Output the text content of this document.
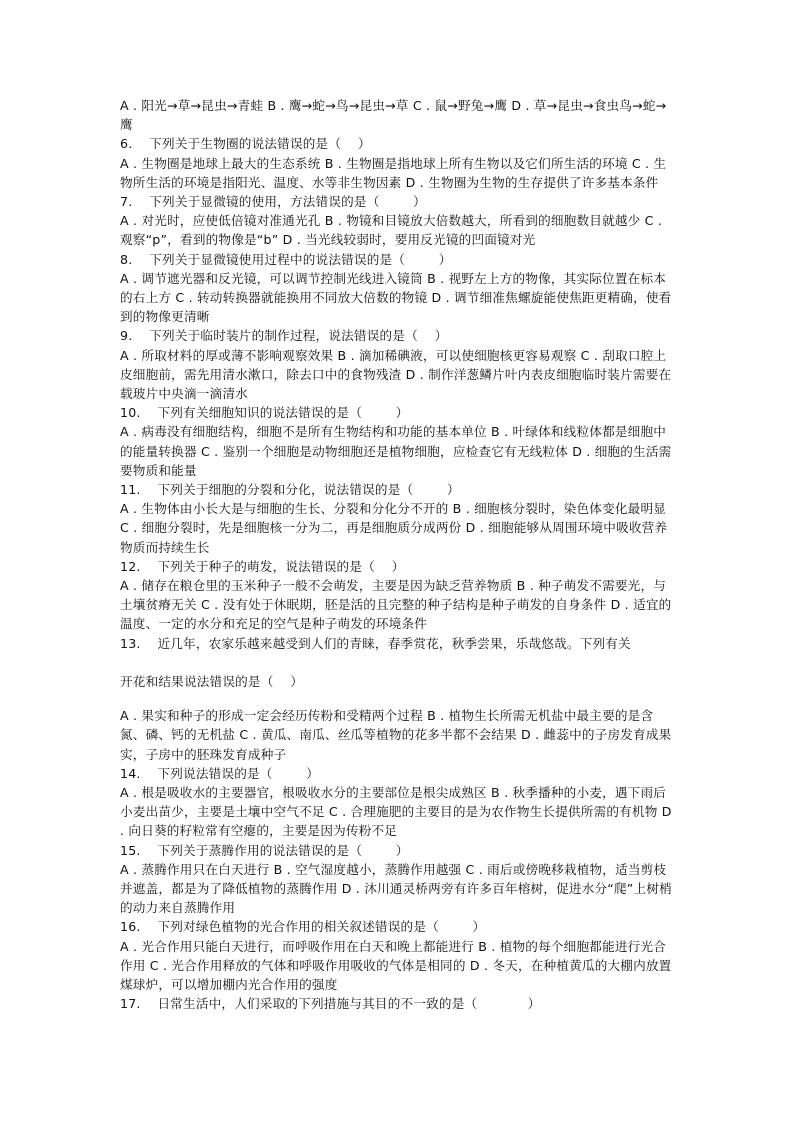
A . 阳光→草→昆虫→青蛙 B . 鹰→蛇→鸟→昆虫→草 C . 鼠→野兔→鹰 D . 草→昆虫→食虫鸟→蛇→鹰

6.    下列关于生物圈的说法错误的是（    ）

A . 生物圈是地球上最大的生态系统 B . 生物圈是指地球上所有生物以及它们所生活的环境 C . 生物所生活的环境是指阳光、温度、水等非生物因素 D . 生物圈为生物的生存提供了许多基本条件

7.    下列关于显微镜的使用，方法错误的是（        ）

A . 对光时，应使低倍镜对准通光孔 B . 物镜和目镜放大倍数越大，所看到的细胞数目就越少 C . 观察“p”，看到的物像是“b” D . 当光线较弱时，要用反光镜的凹面镜对光

8.    下列关于显微镜使用过程中的说法错误的是（        ）

A . 调节遮光器和反光镜，可以调节控制光线进入镜筒 B . 视野左上方的物像，其实际位置在标本的右上方 C . 转动转换器就能换用不同放大倍数的物镜 D . 调节细准焦螺旋能使焦距更精确，使看到的物像更清晰

9.    下列关于临时装片的制作过程，说法错误的是（    ）

A . 所取材料的厚或薄不影响观察效果 B . 滴加稀碘液，可以使细胞核更容易观察 C . 刮取口腔上皮细胞前，需先用清水漱口，除去口中的食物残渣 D . 制作洋葱鳞片叶内表皮细胞临时装片需要在载玻片中央滴一滴清水

10.    下列有关细胞知识的说法错误的是（        ）

A . 病毒没有细胞结构，细胞不是所有生物结构和功能的基本单位 B . 叶绿体和线粒体都是细胞中的能量转换器 C . 鉴别一个细胞是动物细胞还是植物细胞，应检查它有无线粒体 D . 细胞的生活需要物质和能量

11.    下列关于细胞的分裂和分化，说法错误的是（        ）

A . 生物体由小长大是与细胞的生长、分裂和分化分不开的 B . 细胞核分裂时，染色体变化最明显 C . 细胞分裂时，先是细胞核一分为二，再是细胞质分成两份 D . 细胞能够从周围环境中吸收营养物质而持续生长

12.    下列关于种子的萌发，说法错误的是（    ）

A . 储存在粮仓里的玉米种子一般不会萌发，主要是因为缺乏营养物质 B . 种子萌发不需要光，与土壤贫瘠无关 C . 没有处于休眠期，胚是活的且完整的种子结构是种子萌发的自身条件 D . 适宜的温度、一定的水分和充足的空气是种子萌发的环境条件

13.    近几年，农家乐越来越受到人们的青睐，春季赏花，秋季尝果，乐哉悠哉。下列有关

开花和结果说法错误的是（    ）

A . 果实和种子的形成一定会经历传粉和受精两个过程 B . 植物生长所需无机盐中最主要的是含氮、磷、钙的无机盐 C . 黄瓜、南瓜、丝瓜等植物的花多半都不会结果 D . 雌蕊中的子房发育成果实，子房中的胚珠发育成种子

14.    下列说法错误的是（        ）

A . 根是吸收水的主要器官，根吸收水分的主要部位是根尖成熟区 B . 秋季播种的小麦，遇下雨后小麦出苗少，主要是土壤中空气不足 C . 合理施肥的主要目的是为农作物生长提供所需的有机物 D . 向日葵的籽粒常有空瘪的，主要是因为传粉不足

15.    下列关于蒸腾作用的说法错误的是（        ）

A . 蒸腾作用只在白天进行 B . 空气湿度越小，蒸腾作用越强 C . 雨后或傍晚移栽植物，适当剪枝并遮盖，都是为了降低植物的蒸腾作用 D . 沐川通灵桥两旁有许多百年榕树，促进水分“爬”上树梢的动力来自蒸腾作用

16.    下列对绿色植物的光合作用的相关叙述错误的是（        ）

A . 光合作用只能白天进行，而呼吸作用在白天和晚上都能进行 B . 植物的每个细胞都能进行光合作用 C . 光合作用释放的气体和呼吸作用吸收的气体是相同的 D . 冬天，在种植黄瓜的大棚内放置煤球炉，可以增加棚内光合作用的强度

17.    日常生活中，人们采取的下列措施与其目的不一致的是（            ）
